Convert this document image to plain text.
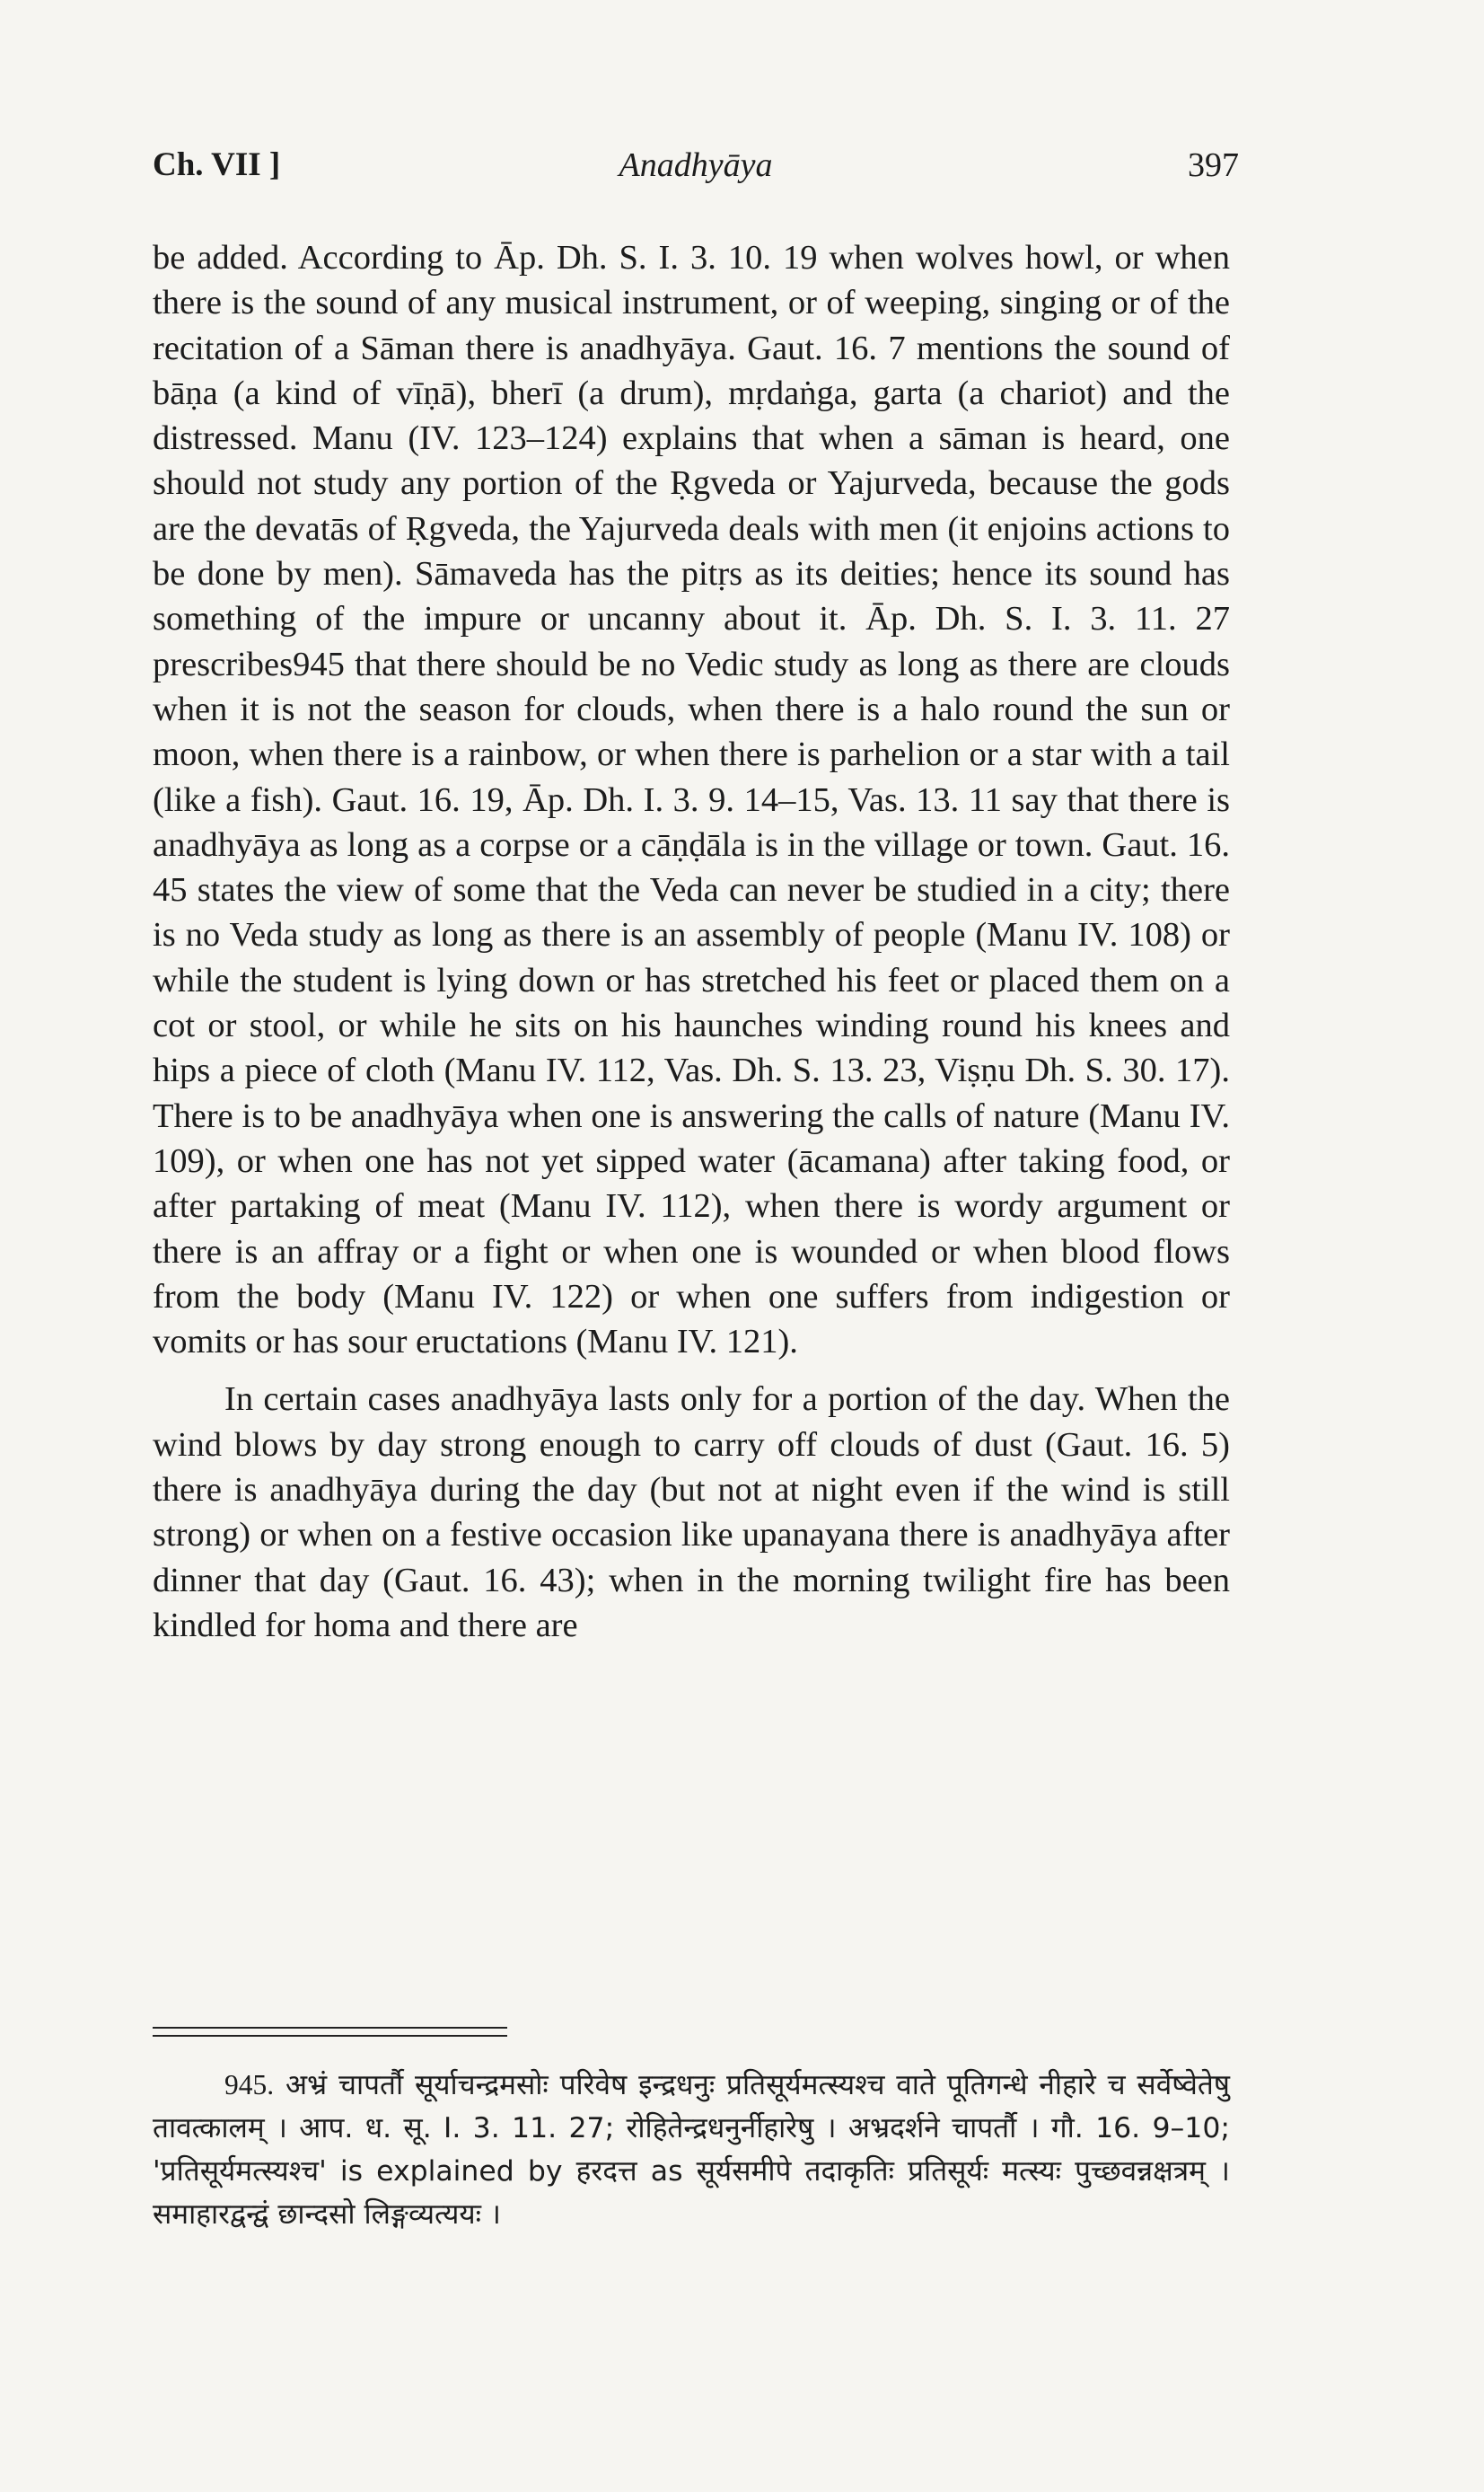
Ch. VII ]	Anadhyāya	397

be added. According to Āp. Dh. S. I. 3. 10. 19 when wolves howl, or when there is the sound of any musical instrument, or of weeping, singing or of the recitation of a Sāman there is anadhyāya. Gaut. 16. 7 mentions the sound of bāṇa (a kind of vīṇā), bherī (a drum), mṛdaṅga, garta (a chariot) and the distressed. Manu (IV. 123–124) explains that when a sāman is heard, one should not study any portion of the Ṛgveda or Yajurveda, because the gods are the devatās of Ṛgveda, the Yajurveda deals with men (it enjoins actions to be done by men). Sāmaveda has the pitṛs as its deities; hence its sound has something of the impure or uncanny about it. Āp. Dh. S. I. 3. 11. 27 prescribes945 that there should be no Vedic study as long as there are clouds when it is not the season for clouds, when there is a halo round the sun or moon, when there is a rainbow, or when there is parhelion or a star with a tail (like a fish). Gaut. 16. 19, Āp. Dh. I. 3. 9. 14–15, Vas. 13. 11 say that there is anadhyāya as long as a corpse or a cāṇḍāla is in the village or town. Gaut. 16. 45 states the view of some that the Veda can never be studied in a city; there is no Veda study as long as there is an assembly of people (Manu IV. 108) or while the student is lying down or has stretched his feet or placed them on a cot or stool, or while he sits on his haunches winding round his knees and hips a piece of cloth (Manu IV. 112, Vas. Dh. S. 13. 23, Viṣṇu Dh. S. 30. 17). There is to be anadhyāya when one is answering the calls of nature (Manu IV. 109), or when one has not yet sipped water (ācamana) after taking food, or after partaking of meat (Manu IV. 112), when there is wordy argument or there is an affray or a fight or when one is wounded or when blood flows from the body (Manu IV. 122) or when one suffers from indigestion or vomits or has sour eructations (Manu IV. 121).

In certain cases anadhyāya lasts only for a portion of the day. When the wind blows by day strong enough to carry off clouds of dust (Gaut. 16. 5) there is anadhyāya during the day (but not at night even if the wind is still strong) or when on a festive occasion like upanayana there is anadhyāya after dinner that day (Gaut. 16. 43); when in the morning twilight fire has been kindled for homa and there are

945. अभ्रं चापर्तौ सूर्याचन्द्रमसोः परिवेष इन्द्रधनुः प्रतिसूर्यमत्स्यश्च वाते पूतिगन्धे नीहारे च सर्वेष्वेतेषु तावत्कालम् । आप. ध. सू. I. 3. 11. 27; रोहितेन्द्रधनुर्नीहारेषु । अभ्रदर्शने चापर्तौ । गौ. 16. 9–10; 'प्रतिसूर्यमत्स्यश्च' is explained by हरदत्त as सूर्यसमीपे तदाकृतिः प्रतिसूर्यः मत्स्यः पुच्छवन्नक्षत्रम् । समाहारद्वन्द्वं छान्दसो लिङ्गव्यत्ययः ।
